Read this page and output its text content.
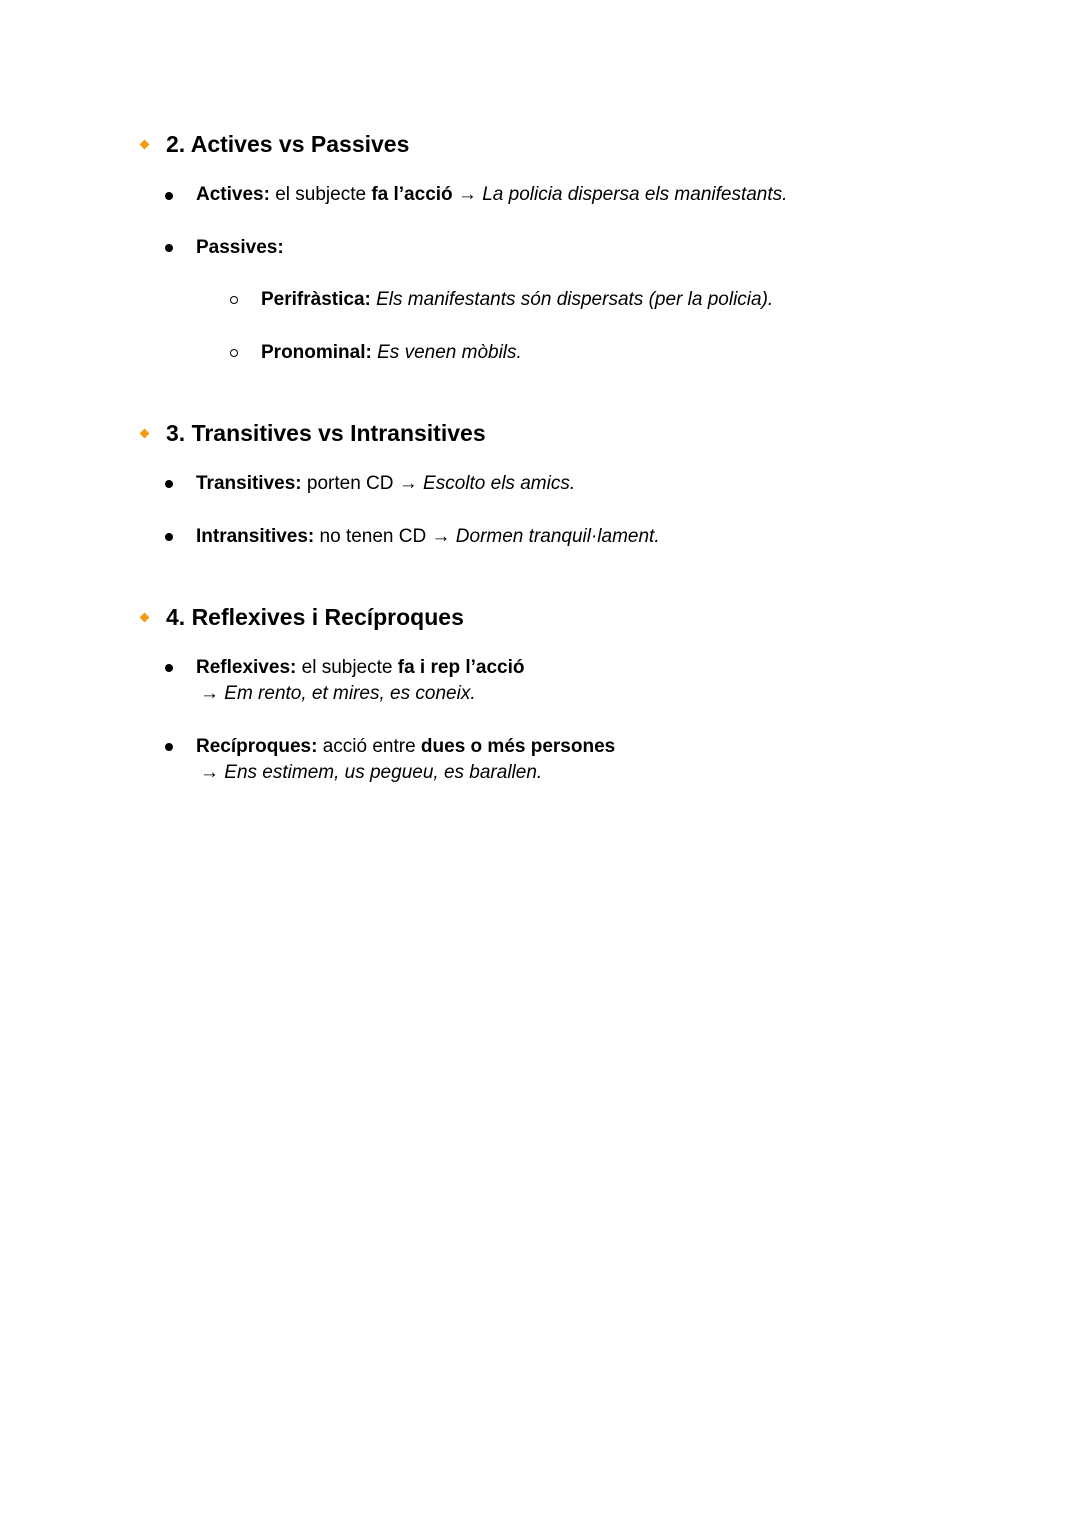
2. Actives vs Passives
Actives: el subjecte fa l’acció → La policia dispersa els manifestants.
Passives:
Perifràstica: Els manifestants són dispersats (per la policia).
Pronominal: Es venen mòbils.
3. Transitives vs Intransitives
Transitives: porten CD → Escolto els amics.
Intransitives: no tenen CD → Dormen tranquil·lament.
4. Reflexives i Recíproques
Reflexives: el subjecte fa i rep l’acció
→ Em rento, et mires, es coneix.
Recíproques: acció entre dues o més persones
→ Ens estimem, us pegueu, es barallen.
